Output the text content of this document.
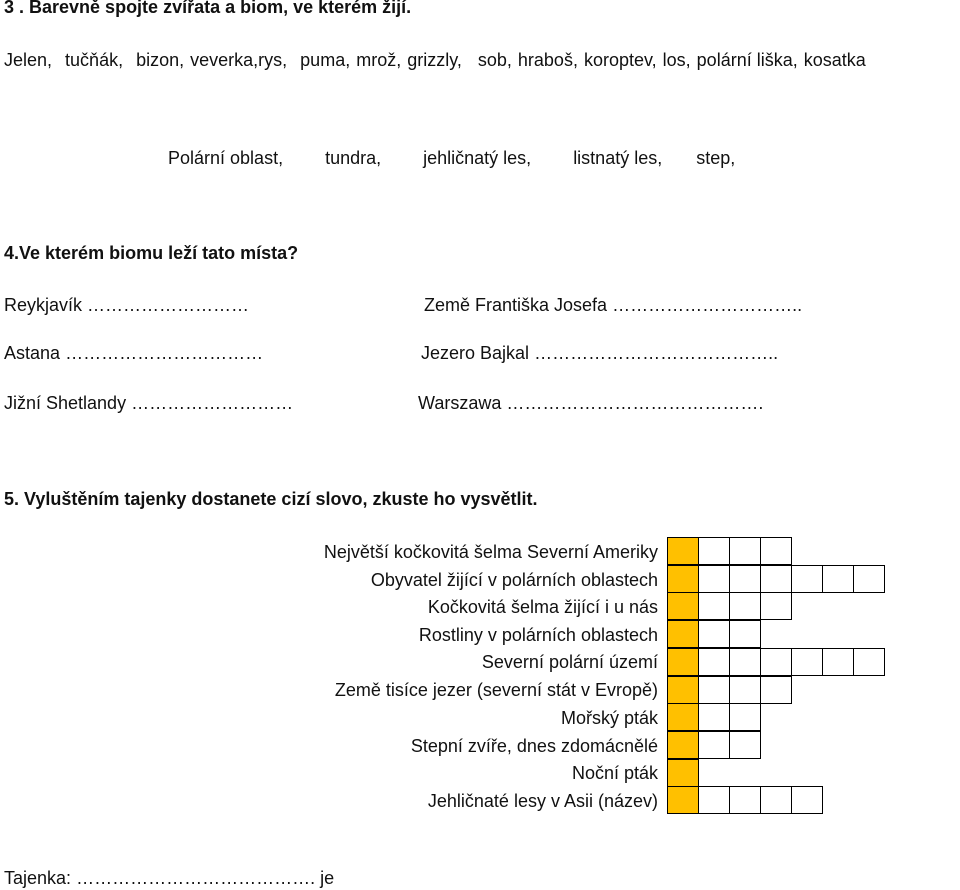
3 . Barevně spojte zvířata a biom, ve kterém žijí.
Jelen, tučňák, bizon, veverka,rys, puma, mrož, grizzly, sob, hraboš, koroptev, los, polární liška, kosatka
Polární oblast, tundra, jehličnatý les, listnatý les, step,
4.Ve kterém biomu leží tato místa?
Reykjavík ………………………
Astana ……………………………
Jižní Shetlandy ………………………
Země Františka Josefa …………………………..
Jezero Bajkal …………………………………..
Warszawa …………………………………….
5. Vyluštěním tajenky dostanete cizí slovo, zkuste ho vysvětlit.
Největší kočkovitá šelma Severní Ameriky
Obyvatel žijící v polárních oblastech
Kočkovitá šelma žijící i u nás
Rostliny v polárních oblastech
Severní polární území
Země tisíce jezer (severní stát v Evropě)
Mořský pták
Stepní zvíře, dnes zdomácnělé
Noční pták
Jehličnaté lesy v Asii (název)
Tajenka: …………………………………. je
